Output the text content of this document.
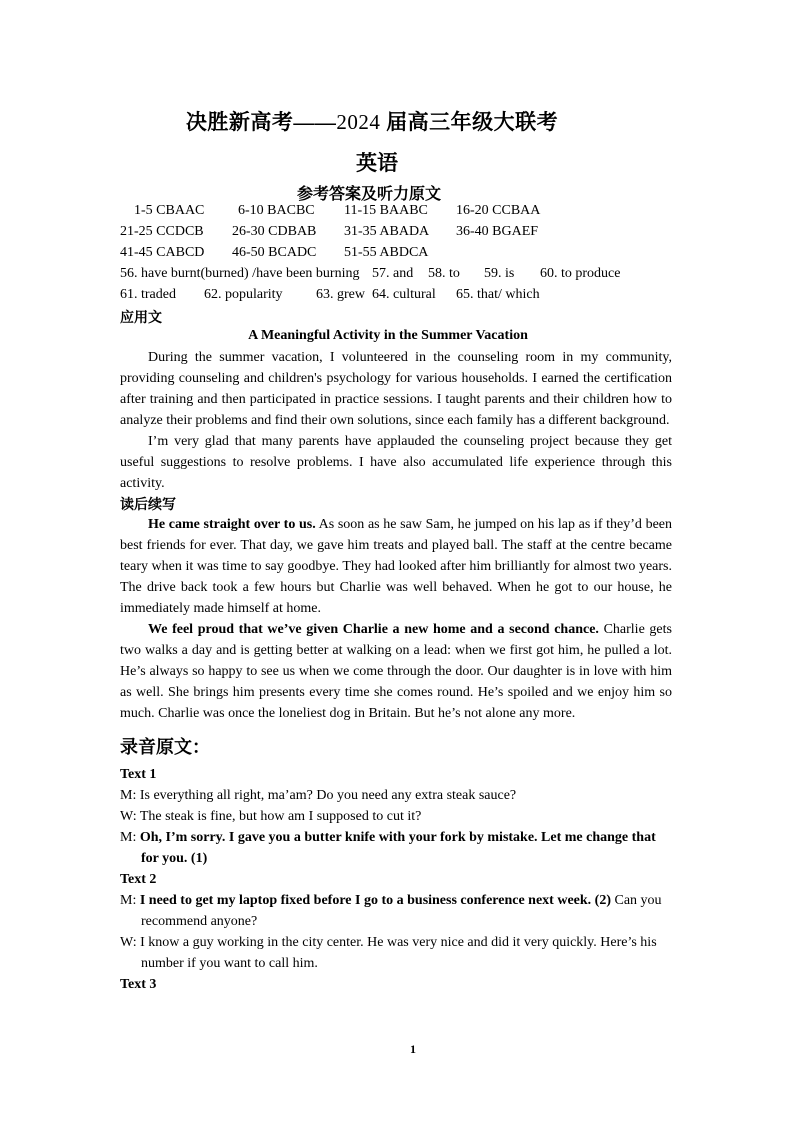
决胜新高考——2024 届高三年级大联考
英语
参考答案及听力原文
1-5 CBAAC 6-10 BACBC 11-15 BAABC 16-20 CCBAA
21-25 CCDCB 26-30 CDBAB 31-35 ABADA 36-40 BGAEF
41-45 CABCD 46-50 BCADC 51-55 ABDCA
56. have burnt(burned) /have been burning 57. and 58. to 59. is 60. to produce
61. traded 62. popularity 63. grew 64. cultural 65. that/ which
应用文
A Meaningful Activity in the Summer Vacation

During the summer vacation, I volunteered in the counseling room in my community, providing counseling and children's psychology for various households. I earned the certification after training and then participated in practice sessions. I taught parents and their children how to analyze their problems and find their own solutions, since each family has a different background.

I’m very glad that many parents have applauded the counseling project because they get useful suggestions to resolve problems. I have also accumulated life experience through this activity.

读后续写

He came straight over to us. As soon as he saw Sam, he jumped on his lap as if they’d been best friends for ever. That day, we gave him treats and played ball. The staff at the centre became teary when it was time to say goodbye. They had looked after him brilliantly for almost two years. The drive back took a few hours but Charlie was well behaved. When he got to our house, he immediately made himself at home.

We feel proud that we’ve given Charlie a new home and a second chance. Charlie gets two walks a day and is getting better at walking on a lead: when we first got him, he pulled a lot. He’s always so happy to see us when we come through the door. Our daughter is in love with him as well. She brings him presents every time she comes round. He’s spoiled and we enjoy him so much. Charlie was once the loneliest dog in Britain. But he’s not alone any more.

录音原文：
Text 1
M: Is everything all right, ma’am? Do you need any extra steak sauce?
W: The steak is fine, but how am I supposed to cut it?
M: Oh, I’m sorry. I gave you a butter knife with your fork by mistake. Let me change that for you. (1)
Text 2
M: I need to get my laptop fixed before I go to a business conference next week. (2) Can you recommend anyone?
W: I know a guy working in the city center. He was very nice and did it very quickly. Here’s his number if you want to call him.
Text 3
1
